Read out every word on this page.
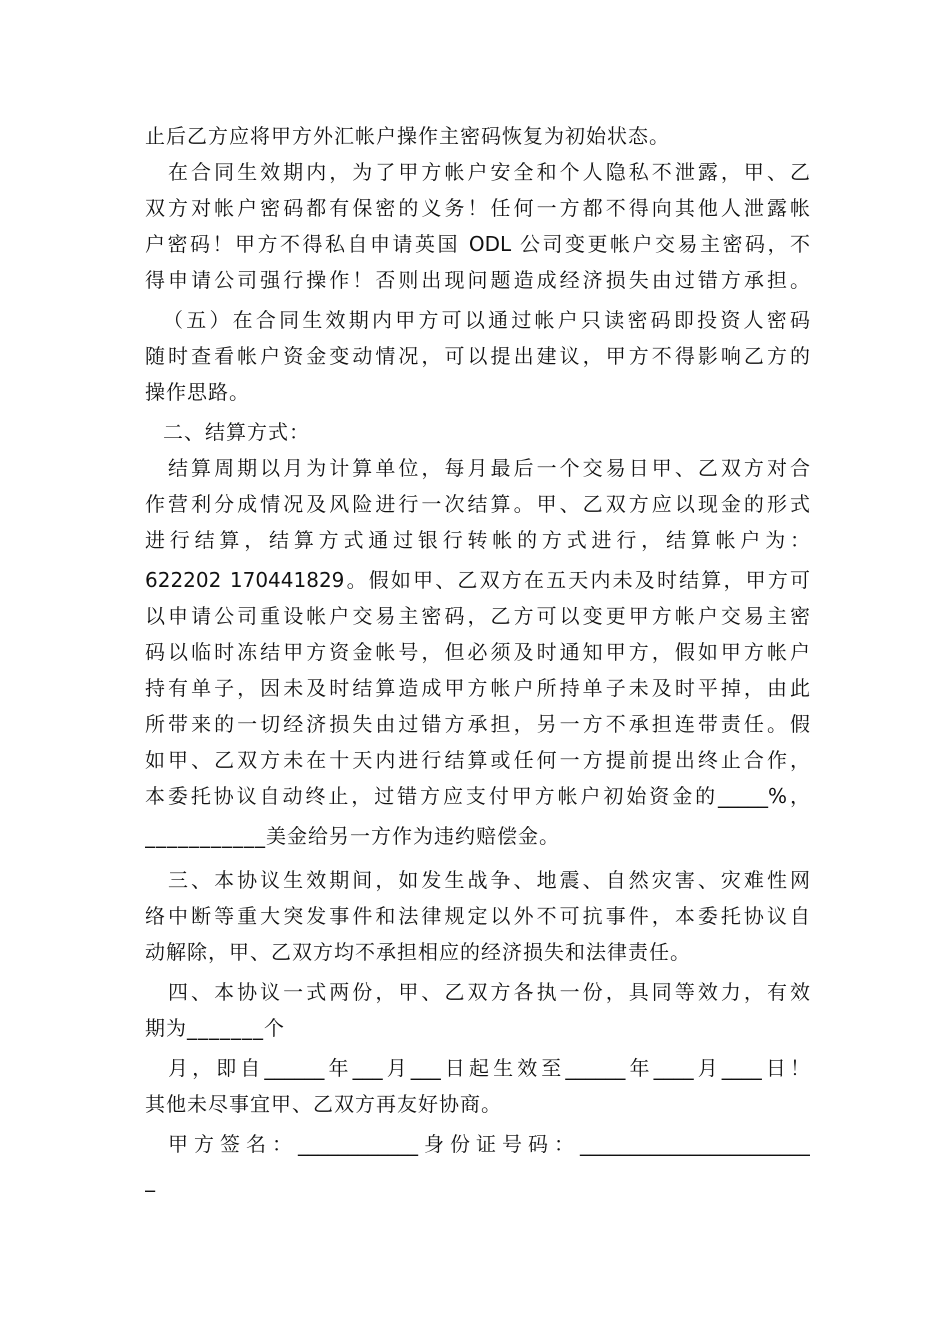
止后乙方应将甲方外汇帐户操作主密码恢复为初始状态。
在合同生效期内，为了甲方帐户安全和个人隐私不泄露，甲、乙
双方对帐户密码都有保密的义务！任何一方都不得向其他人泄露帐
户密码！甲方不得私自申请英国 ODL 公司变更帐户交易主密码，不
得申请公司强行操作！否则出现问题造成经济损失由过错方承担。
（五）在合同生效期内甲方可以通过帐户只读密码即投资人密码
随时查看帐户资金变动情况，可以提出建议，甲方不得影响乙方的
操作思路。
二、结算方式：
结算周期以月为计算单位，每月最后一个交易日甲、乙双方对合
作营利分成情况及风险进行一次结算。甲、乙双方应以现金的形式
进行结算，结算方式通过银行转帐的方式进行，结算帐户为：
622202 170441829。假如甲、乙双方在五天内未及时结算，甲方可
以申请公司重设帐户交易主密码，乙方可以变更甲方帐户交易主密
码以临时冻结甲方资金帐号，但必须及时通知甲方，假如甲方帐户
持有单子，因未及时结算造成甲方帐户所持单子未及时平掉，由此
所带来的一切经济损失由过错方承担，另一方不承担连带责任。假
如甲、乙双方未在十天内进行结算或任何一方提前提出终止合作，
本委托协议自动终止，过错方应支付甲方帐户初始资金的_____%，
___________美金给另一方作为违约赔偿金。
三、本协议生效期间，如发生战争、地震、自然灾害、灾难性网
络中断等重大突发事件和法律规定以外不可抗事件，本委托协议自
动解除，甲、乙双方均不承担相应的经济损失和法律责任。
四、本协议一式两份，甲、乙双方各执一份，具同等效力，有效
期为_______个
月，即自______年___月___日起生效至______年____月____日！
其他未尽事宜甲、乙双方再友好协商。
甲方签名：____________身份证号码：_______________________
_
